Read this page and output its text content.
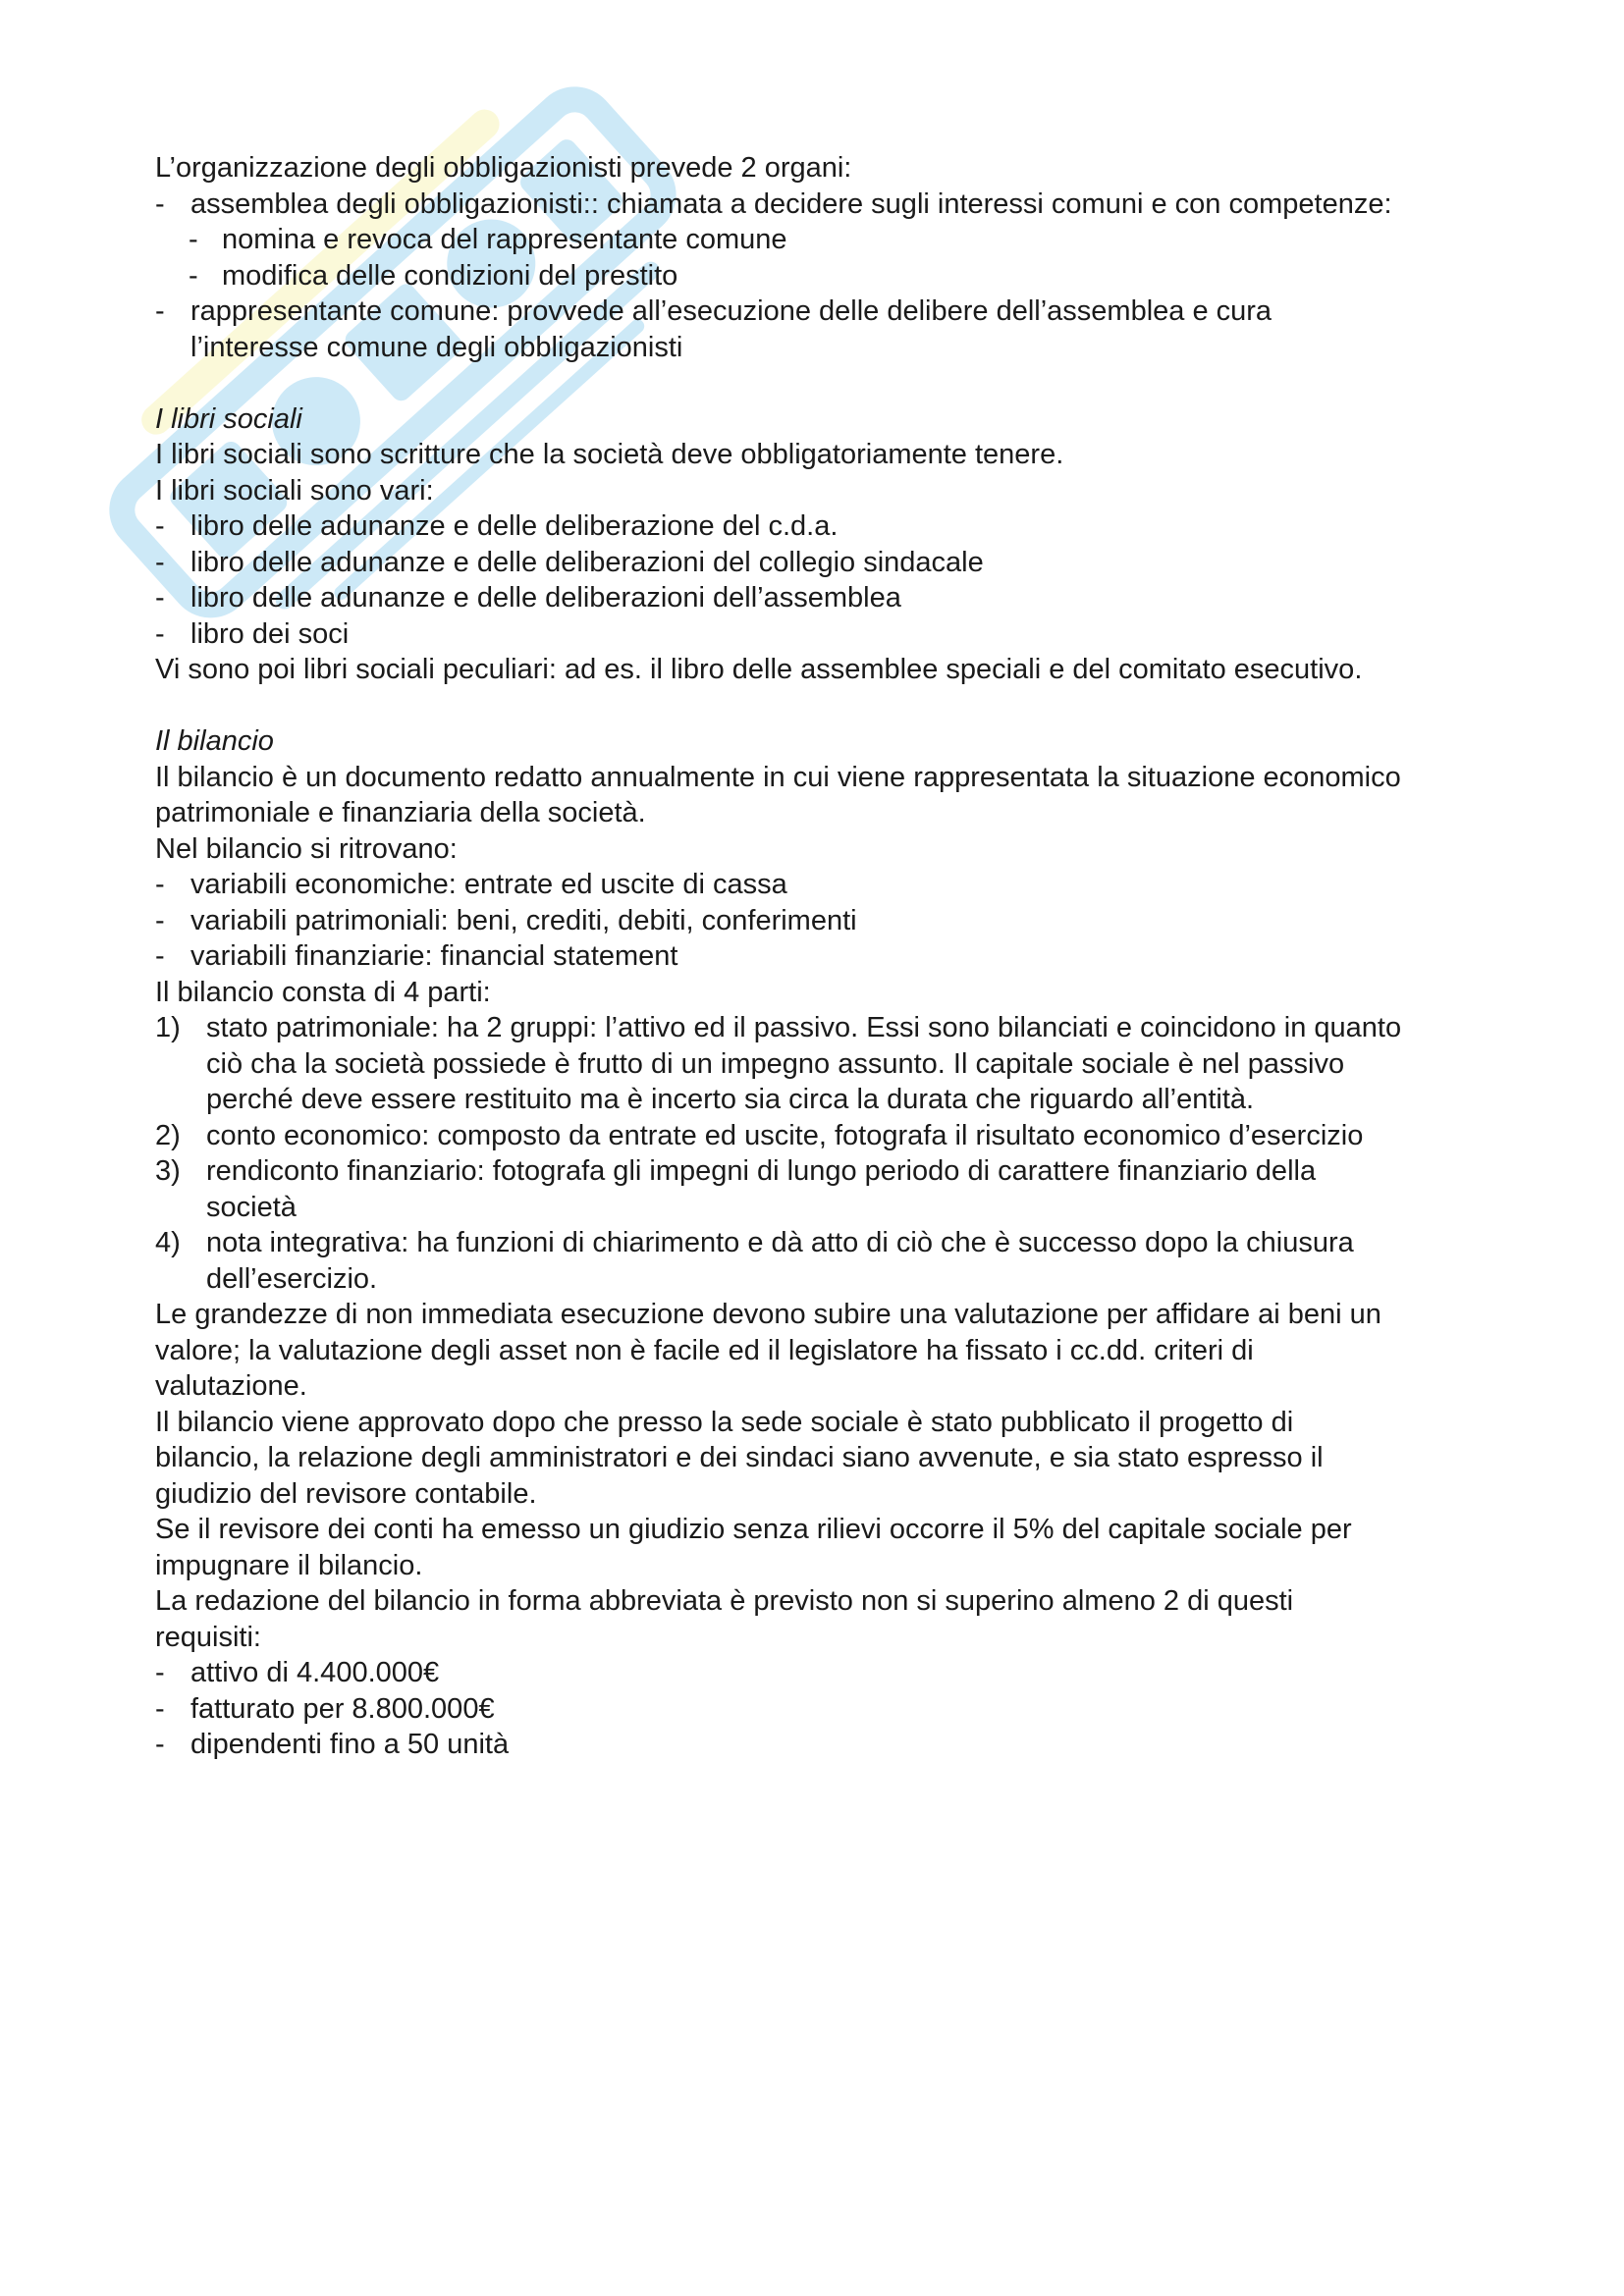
L’organizzazione degli obbligazionisti prevede 2 organi:
- assemblea degli obbligazionisti:: chiamata a decidere sugli interessi comuni e con competenze:
- nomina e revoca del rappresentante comune
- modifica delle condizioni del prestito
- rappresentante comune: provvede all’esecuzione delle delibere dell’assemblea e cura
l’interesse comune degli obbligazionisti
I libri sociali
I libri sociali sono scritture che la società deve obbligatoriamente tenere.
I libri sociali sono vari:
- libro delle adunanze e delle deliberazione del c.d.a.
- libro delle adunanze e delle deliberazioni del collegio sindacale
- libro delle adunanze e delle deliberazioni dell’assemblea
- libro dei soci
Vi sono poi libri sociali peculiari: ad es. il libro delle assemblee speciali e del comitato esecutivo.
Il bilancio
Il bilancio è un documento redatto annualmente in cui viene rappresentata la situazione economico
patrimoniale e finanziaria della società.
Nel bilancio si ritrovano:
- variabili economiche: entrate ed uscite di cassa
- variabili patrimoniali: beni, crediti, debiti, conferimenti
- variabili finanziarie: financial statement
Il bilancio consta di 4 parti:
1) stato patrimoniale: ha 2 gruppi: l’attivo ed il passivo. Essi sono bilanciati e coincidono in quanto
ciò cha la società possiede è frutto di un impegno assunto. Il capitale sociale è nel passivo
perché deve essere restituito ma è incerto sia circa la durata che riguardo all’entità.
2) conto economico: composto da entrate ed uscite, fotografa il risultato economico d’esercizio
3) rendiconto finanziario: fotografa gli impegni di lungo periodo di carattere finanziario della
società
4) nota integrativa: ha funzioni di chiarimento e dà atto di ciò che è successo dopo la chiusura
dell’esercizio.
Le grandezze di non immediata esecuzione devono subire una valutazione per affidare ai beni un
valore; la valutazione degli asset non è facile ed il legislatore ha fissato i cc.dd. criteri di
valutazione.
Il bilancio viene approvato dopo che presso la sede sociale è stato pubblicato il progetto di
bilancio, la relazione degli amministratori e dei sindaci siano avvenute, e sia stato espresso il
giudizio del revisore contabile.
Se il revisore dei conti ha emesso un giudizio senza rilievi occorre il 5% del capitale sociale per
impugnare il bilancio.
La redazione del bilancio in forma abbreviata è previsto non si superino almeno 2 di questi
requisiti:
- attivo di 4.400.000€
- fatturato per 8.800.000€
- dipendenti fino a 50 unità
